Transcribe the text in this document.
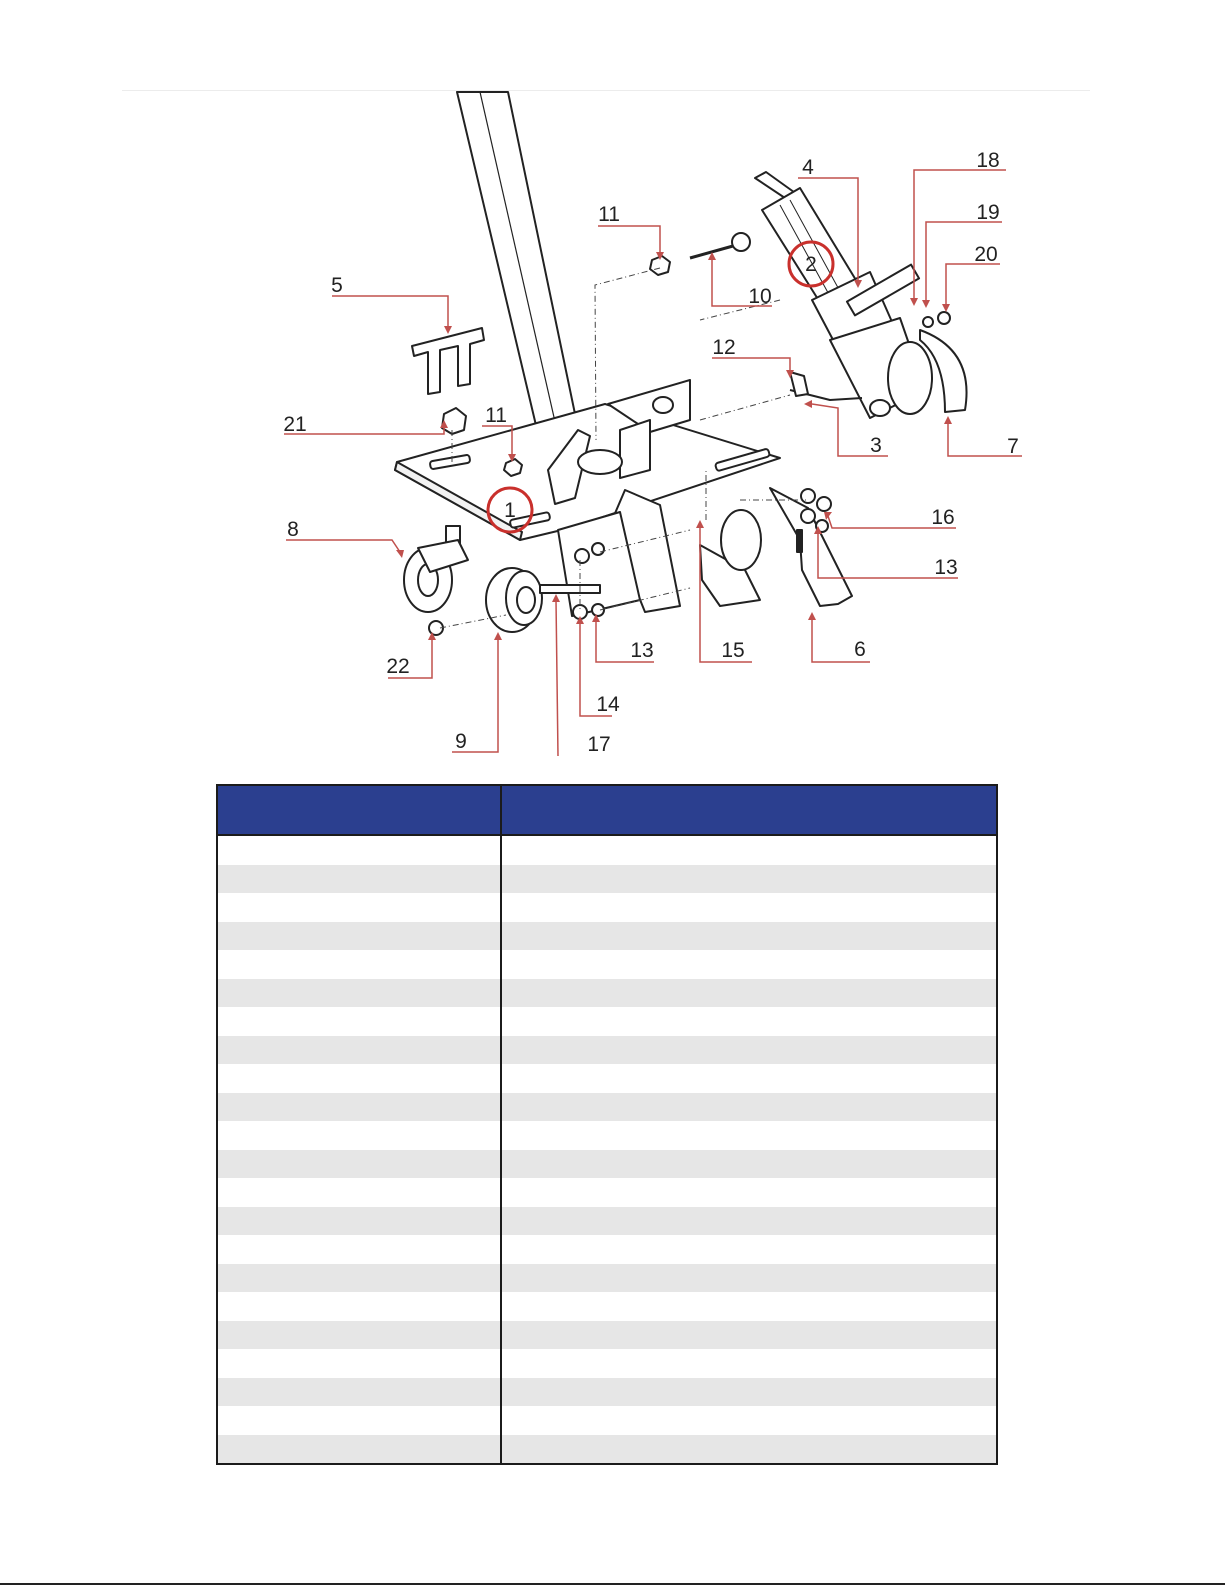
1
2
3
4
5
6
7
8
9
10
11
11
12
13
13
14
15
16
17
18
19
20
21
22
